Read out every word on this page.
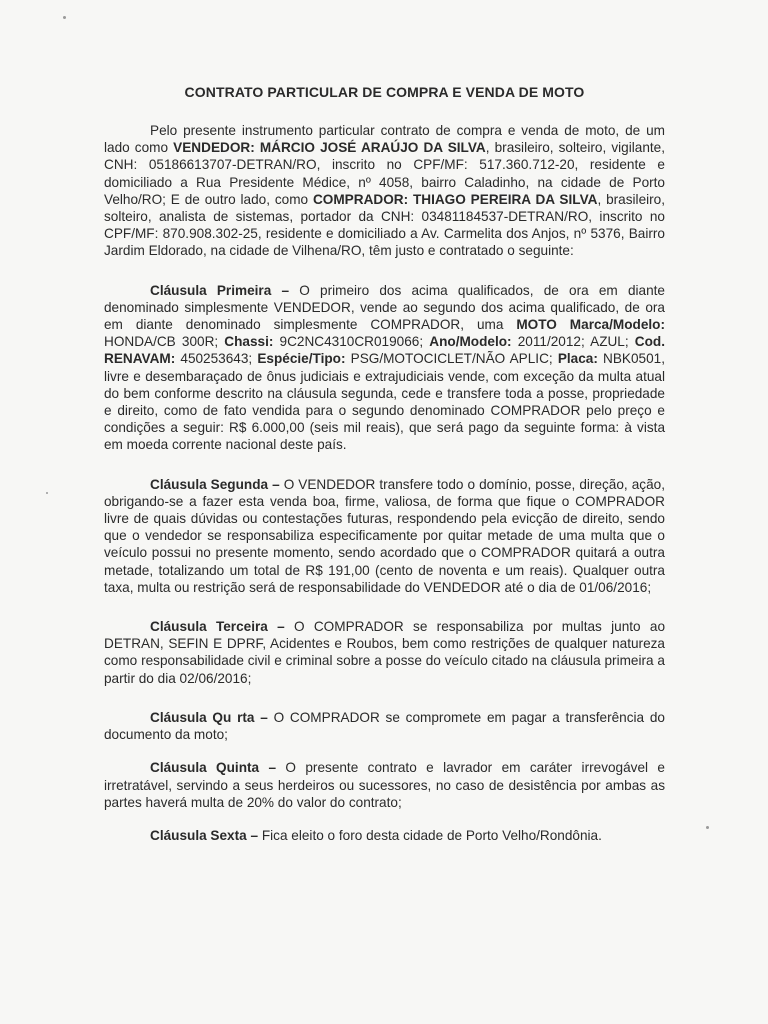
CONTRATO PARTICULAR DE COMPRA E VENDA DE MOTO

Pelo presente instrumento particular contrato de compra e venda de moto, de um lado como VENDEDOR: MÁRCIO JOSÉ ARAÚJO DA SILVA, brasileiro, solteiro, vigilante, CNH: 05186613707-DETRAN/RO, inscrito no CPF/MF: 517.360.712-20, residente e domiciliado a Rua Presidente Médice, nº 4058, bairro Caladinho, na cidade de Porto Velho/RO; E de outro lado, como COMPRADOR: THIAGO PEREIRA DA SILVA, brasileiro, solteiro, analista de sistemas, portador da CNH: 03481184537-DETRAN/RO, inscrito no CPF/MF: 870.908.302-25, residente e domiciliado a Av. Carmelita dos Anjos, nº 5376, Bairro Jardim Eldorado, na cidade de Vilhena/RO, têm justo e contratado o seguinte:

Cláusula Primeira – O primeiro dos acima qualificados, de ora em diante denominado simplesmente VENDEDOR, vende ao segundo dos acima qualificado, de ora em diante denominado simplesmente COMPRADOR, uma MOTO Marca/Modelo: HONDA/CB 300R; Chassi: 9C2NC4310CR019066; Ano/Modelo: 2011/2012; AZUL; Cod. RENAVAM: 450253643; Espécie/Tipo: PSG/MOTOCICLET/NÃO APLIC; Placa: NBK0501, livre e desembaraçado de ônus judiciais e extrajudiciais vende, com exceção da multa atual do bem conforme descrito na cláusula segunda, cede e transfere toda a posse, propriedade e direito, como de fato vendida para o segundo denominado COMPRADOR pelo preço e condições a seguir: R$ 6.000,00 (seis mil reais), que será pago da seguinte forma: à vista em moeda corrente nacional deste país.

Cláusula Segunda – O VENDEDOR transfere todo o domínio, posse, direção, ação, obrigando-se a fazer esta venda boa, firme, valiosa, de forma que fique o COMPRADOR livre de quais dúvidas ou contestações futuras, respondendo pela evicção de direito, sendo que o vendedor se responsabiliza especificamente por quitar metade de uma multa que o veículo possui no presente momento, sendo acordado que o COMPRADOR quitará a outra metade, totalizando um total de R$ 191,00 (cento de noventa e um reais). Qualquer outra taxa, multa ou restrição será de responsabilidade do VENDEDOR até o dia de 01/06/2016;

Cláusula Terceira – O COMPRADOR se responsabiliza por multas junto ao DETRAN, SEFIN E DPRF, Acidentes e Roubos, bem como restrições de qualquer natureza como responsabilidade civil e criminal sobre a posse do veículo citado na cláusula primeira a partir do dia 02/06/2016;

Cláusula Qu rta – O COMPRADOR se compromete em pagar a transferência do documento da moto;

Cláusula Quinta – O presente contrato e lavrador em caráter irrevogável e irretratável, servindo a seus herdeiros ou sucessores, no caso de desistência por ambas as partes haverá multa de 20% do valor do contrato;

Cláusula Sexta – Fica eleito o foro desta cidade de Porto Velho/Rondônia.
